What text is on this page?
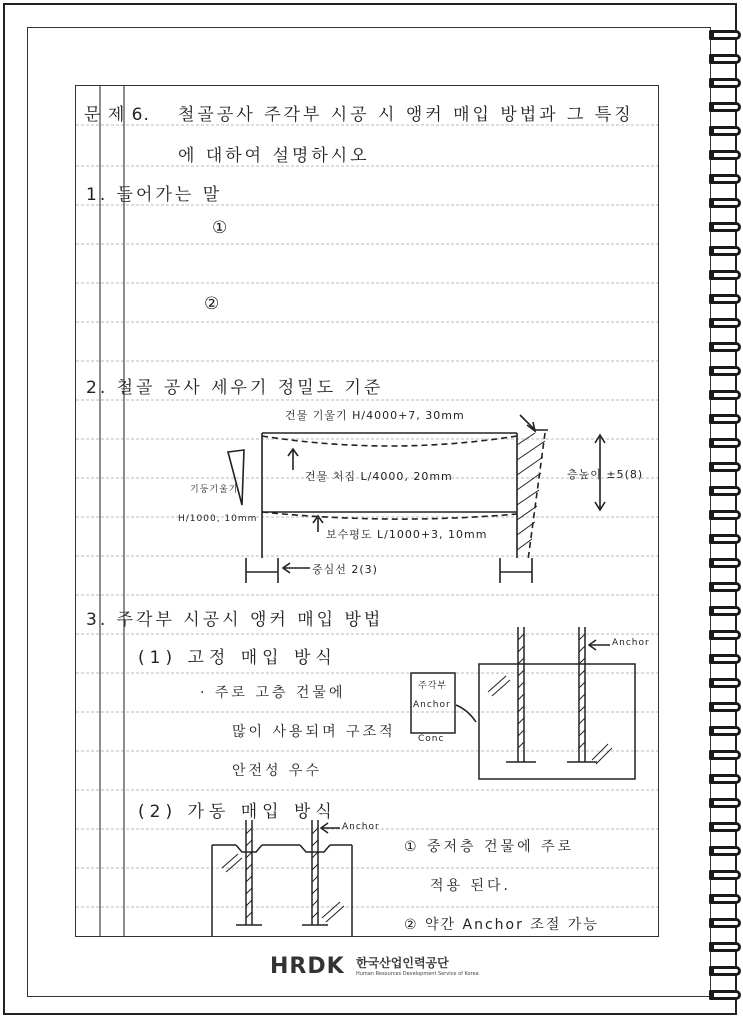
문 제 6. 철골공사 주각부 시공 시 앵커 매입 방법과 그 특징
에 대하여 설명하시오
1. 들어가는 말
①
②
2. 철골 공사 세우기 정밀도 기준
건물 기울기 H/4000+7, 30mm
건물 처짐 L/4000, 20mm
기둥기울기
H/1000, 10mm
보수평도 L/1000+3, 10mm
중심선 2(3)
층높이 ±5(8)
3. 주각부 시공시 앵커 매입 방법
(1) 고정 매입 방식
· 주로 고층 건물에
많이 사용되며 구조적
안전성 우수
(2) 가동 매입 방식
① 중저층 건물에 주로
적용 된다.
② 약간 Anchor 조절 가능
Anchor
주각부
Anchor
Conc
Anchor
HRDK 한국산업인력공단
Human Resources Development Service of Korea
